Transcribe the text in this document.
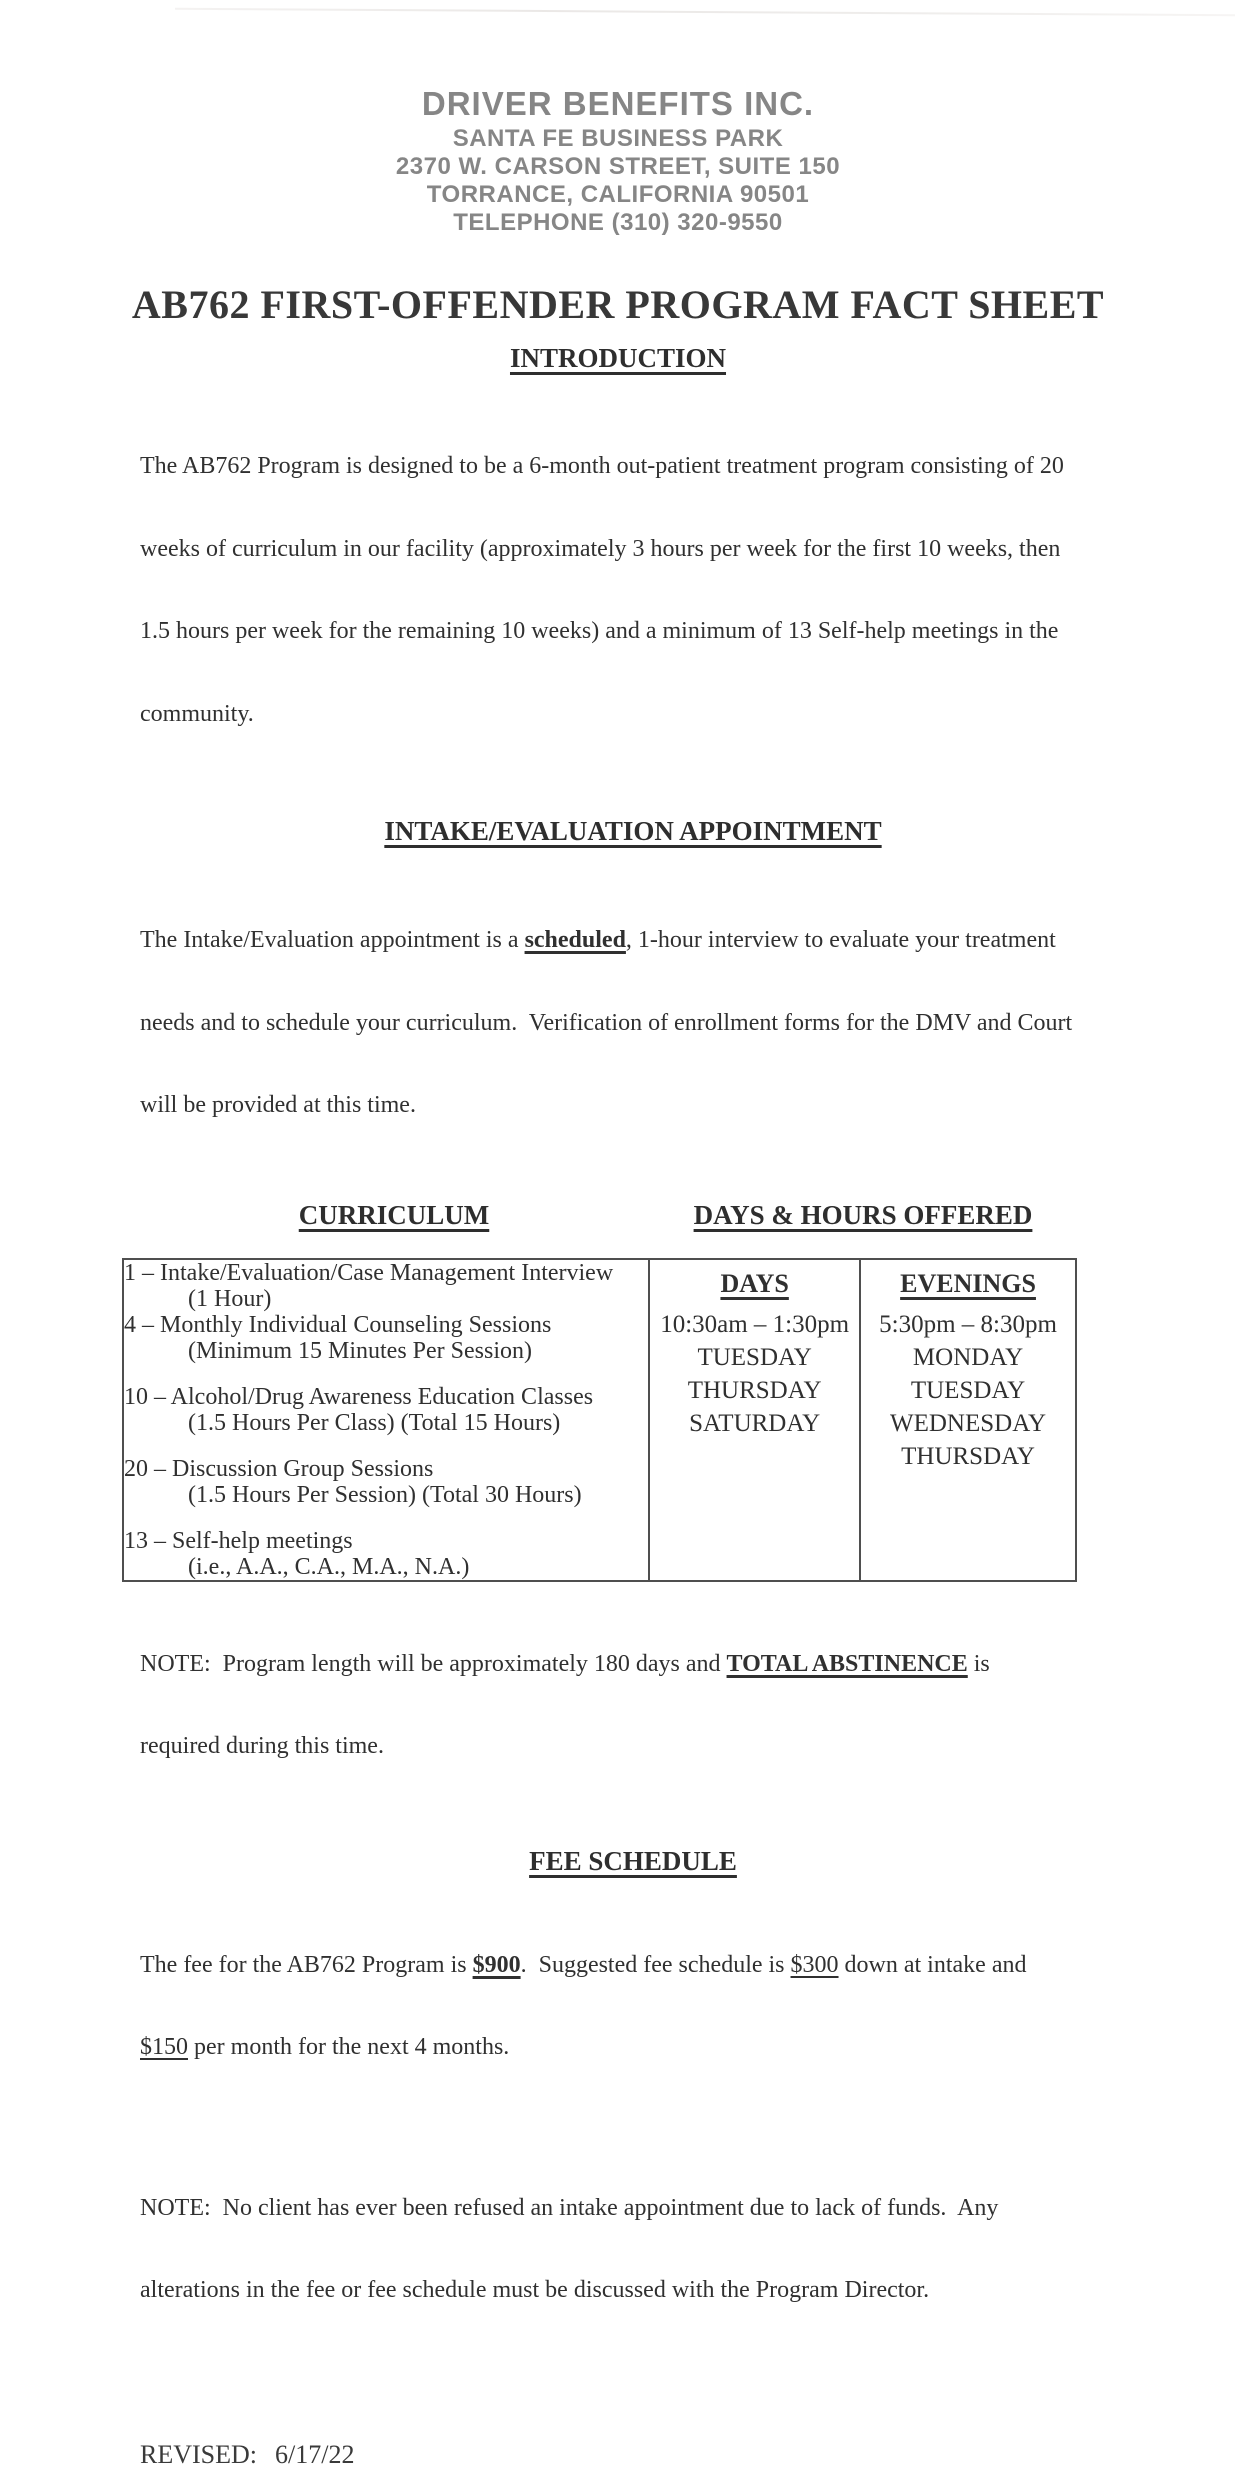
DRIVER BENEFITS INC.
SANTA FE BUSINESS PARK
2370 W. CARSON STREET, SUITE 150
TORRANCE, CALIFORNIA 90501
TELEPHONE (310) 320-9550
AB762 FIRST-OFFENDER PROGRAM FACT SHEET
INTRODUCTION

The AB762 Program is designed to be a 6-month out-patient treatment program consisting of 20

weeks of curriculum in our facility (approximately 3 hours per week for the first 10 weeks, then

1.5 hours per week for the remaining 10 weeks) and a minimum of 13 Self-help meetings in the

community.

INTAKE/EVALUATION APPOINTMENT

The Intake/Evaluation appointment is a scheduled, 1-hour interview to evaluate your treatment

needs and to schedule your curriculum.  Verification of enrollment forms for the DMV and Court

will be provided at this time.

CURRICULUM	DAYS & HOURS OFFERED
1 – Intake/Evaluation/Case Management Interview
(1 Hour)
4 – Monthly Individual Counseling Sessions
(Minimum 15 Minutes Per Session)
10 – Alcohol/Drug Awareness Education Classes
(1.5 Hours Per Class) (Total 15 Hours)
20 – Discussion Group Sessions
(1.5 Hours Per Session) (Total 30 Hours)
13 – Self-help meetings
(i.e., A.A., C.A., M.A., N.A.)

DAYS
10:30am – 1:30pm
TUESDAY
THURSDAY
SATURDAY

EVENINGS
5:30pm – 8:30pm
MONDAY
TUESDAY
WEDNESDAY
THURSDAY

NOTE:  Program length will be approximately 180 days and TOTAL ABSTINENCE is

required during this time.

FEE SCHEDULE

The fee for the AB762 Program is $900.  Suggested fee schedule is $300 down at intake and

$150 per month for the next 4 months.

NOTE:  No client has ever been refused an intake appointment due to lack of funds.  Any

alterations in the fee or fee schedule must be discussed with the Program Director.

REVISED: 6/17/22
